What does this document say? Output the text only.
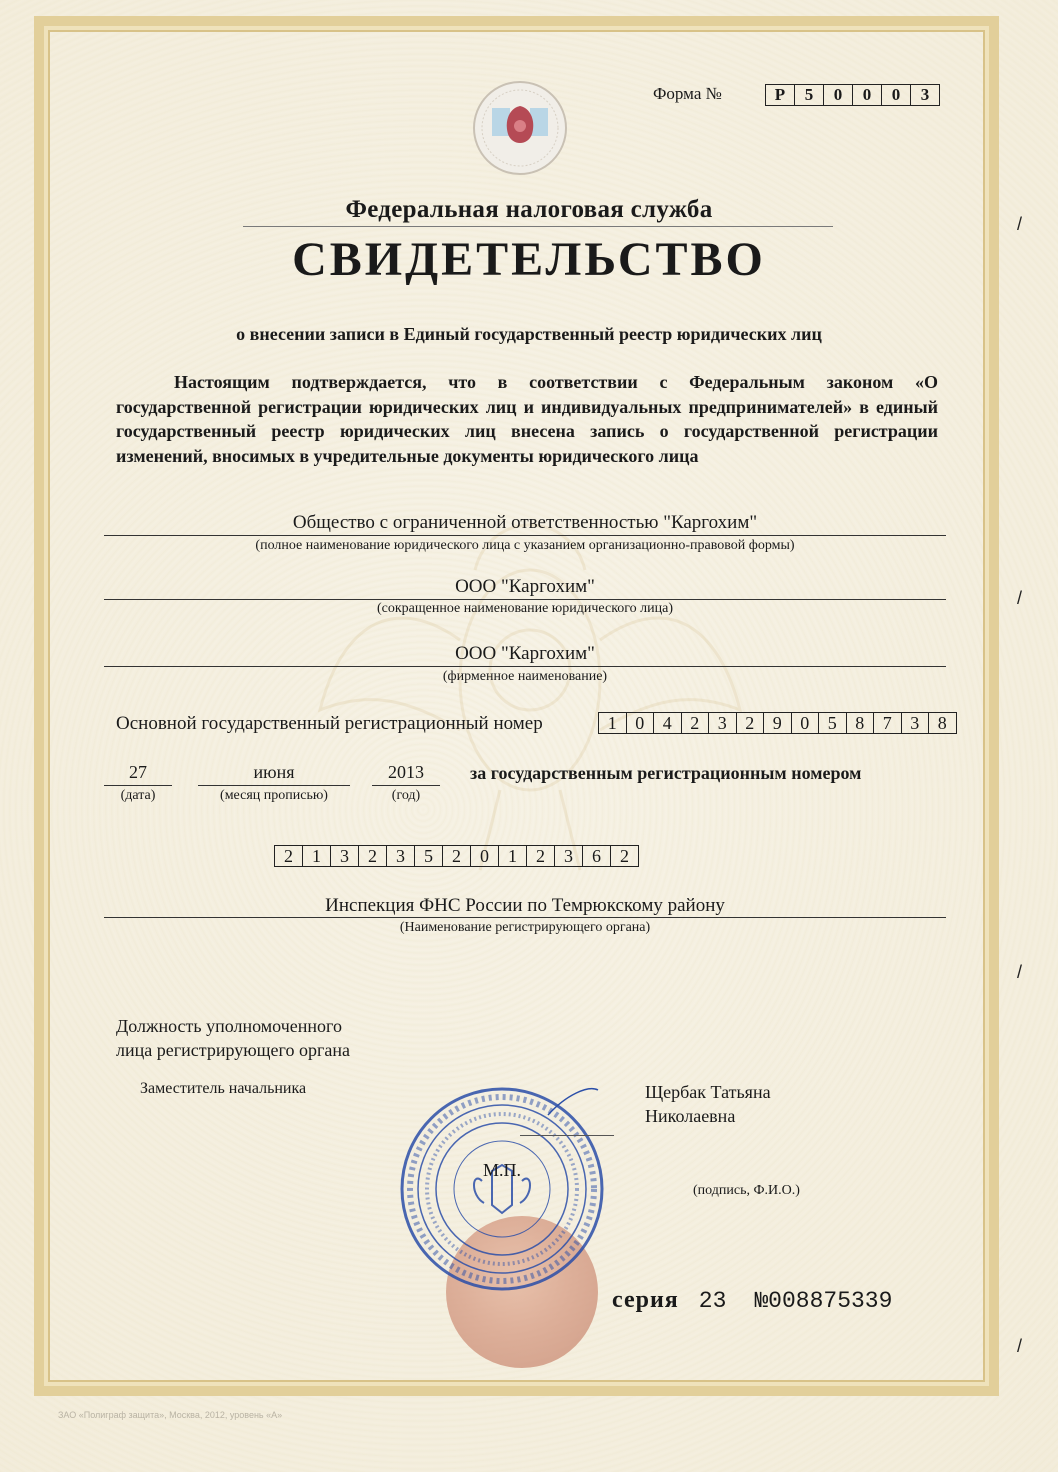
Форма №	Р	5	0	0	0	3
Федеральная налоговая служба
СВИДЕТЕЛЬСТВО
о внесении записи в Единый государственный реестр юридических лиц
Настоящим подтверждается, что в соответствии с Федеральным законом «О государственной регистрации юридических лиц и индивидуальных предпринимателей» в единый государственный реестр юридических лиц внесена запись о государственной регистрации изменений, вносимых в учредительные документы юридического лица
Общество с ограниченной ответственностью "Каргохим"
(полное наименование юридического лица с указанием организационно-правовой формы)
ООО "Каргохим"
(сокращенное наименование юридического лица)
ООО "Каргохим"
(фирменное наименование)
Основной государственный регистрационный номер	1	0	4	2	3	2	9	0	5	8	7	3	8
27
(дата)
июня
(месяц прописью)
2013
(год)
за государственным регистрационным номером
2	1	3	2	3	5	2	0	1	2	3	6	2
Инспекция ФНС России по Темрюкскому району
(Наименование регистрирующего органа)
Должность уполномоченного
лица регистрирующего органа
Заместитель начальника
М.П.
Щербак Татьяна
Николаевна
(подпись, Ф.И.О.)
серия 23 №008875339
ЗАО «Полиграф защита», Москва, 2012, уровень «А»
/
/
/
/
